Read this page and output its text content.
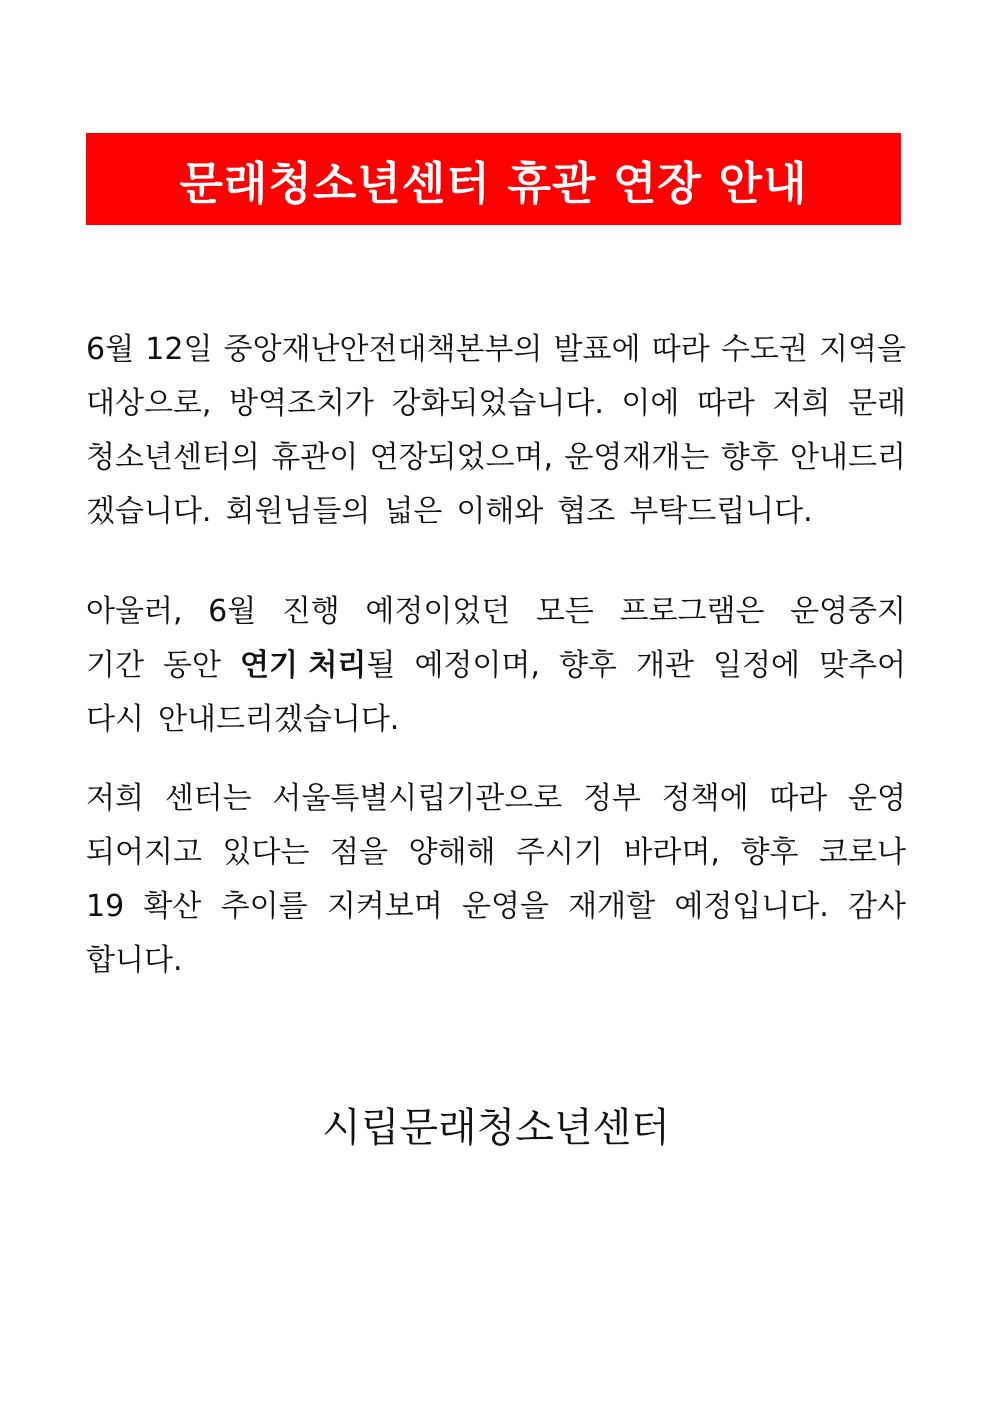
문래청소년센터 휴관 연장 안내
6월 12일 중앙재난안전대책본부의 발표에 따라 수도권 지역을
대상으로, 방역조치가 강화되었습니다. 이에 따라 저희 문래
청소년센터의 휴관이 연장되었으며, 운영재개는 향후 안내드리
겠습니다. 회원님들의 넓은 이해와 협조 부탁드립니다.
아울러, 6월 진행 예정이었던 모든 프로그램은 운영중지
기간 동안 연기 처리될 예정이며, 향후 개관 일정에 맞추어
다시 안내드리겠습니다.
저희 센터는 서울특별시립기관으로 정부 정책에 따라 운영
되어지고 있다는 점을 양해해 주시기 바라며, 향후 코로나
19 확산 추이를 지켜보며 운영을 재개할 예정입니다. 감사
합니다.
시립문래청소년센터
